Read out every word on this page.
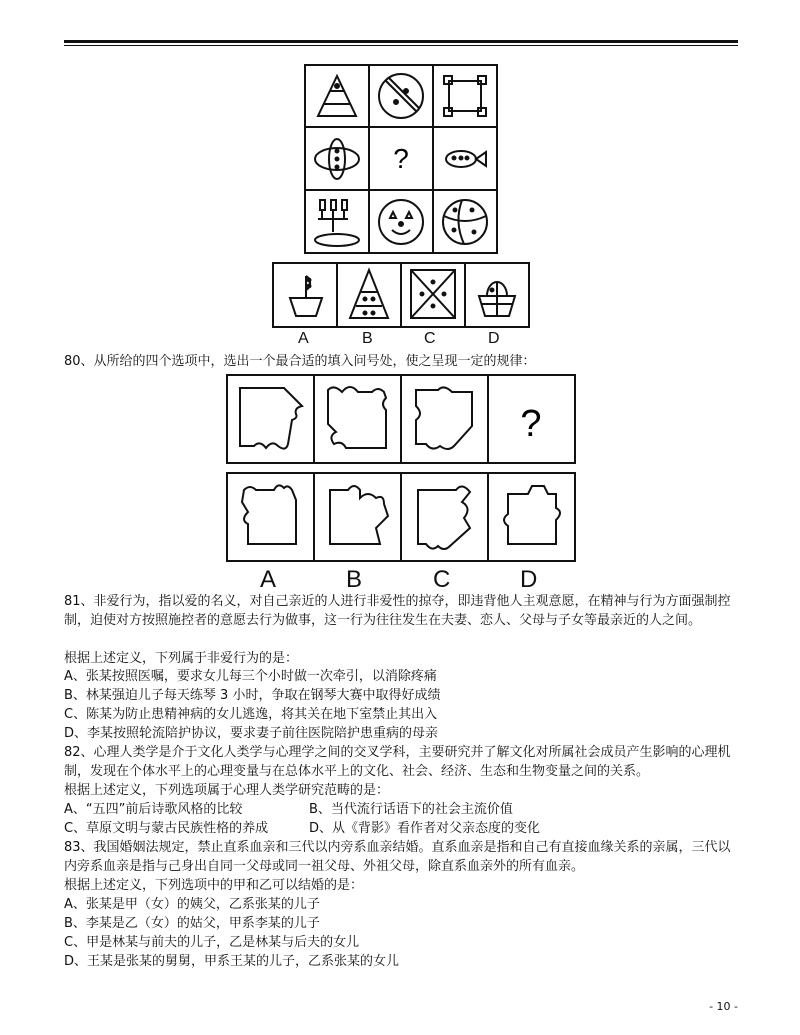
?
A	B	C	D
80、从所给的四个选项中，选出一个最合适的填入问号处，使之呈现一定的规律：
?
A	B	C	D
81、非爱行为，指以爱的名义，对自己亲近的人进行非爱性的掠夺，即违背他人主观意愿，在精神与行为方面强制控制，迫使对方按照施控者的意愿去行为做事，这一行为往往发生在夫妻、恋人、父母与子女等最亲近的人之间。
根据上述定义，下列属于非爱行为的是：
A、张某按照医嘱，要求女儿每三个小时做一次牵引，以消除疼痛
B、林某强迫儿子每天练琴 3 小时，争取在钢琴大赛中取得好成绩
C、陈某为防止患精神病的女儿逃逸，将其关在地下室禁止其出入
D、李某按照轮流陪护协议，要求妻子前往医院陪护患重病的母亲
82、心理人类学是介于文化人类学与心理学之间的交叉学科，主要研究并了解文化对所属社会成员产生影响的心理机制，发现在个体水平上的心理变量与在总体水平上的文化、社会、经济、生态和生物变量之间的关系。
根据上述定义，下列选项属于心理人类学研究范畴的是：
A、“五四”前后诗歌风格的比较	B、当代流行话语下的社会主流价值
C、草原文明与蒙古民族性格的养成	D、从《背影》看作者对父亲态度的变化
83、我国婚姻法规定，禁止直系血亲和三代以内旁系血亲结婚。直系血亲是指和自己有直接血缘关系的亲属，三代以内旁系血亲是指与己身出自同一父母或同一祖父母、外祖父母，除直系血亲外的所有血亲。
根据上述定义，下列选项中的甲和乙可以结婚的是：
A、张某是甲（女）的姨父，乙系张某的儿子
B、李某是乙（女）的姑父，甲系李某的儿子
C、甲是林某与前夫的儿子，乙是林某与后夫的女儿
D、王某是张某的舅舅，甲系王某的儿子，乙系张某的女儿
- 10 -
